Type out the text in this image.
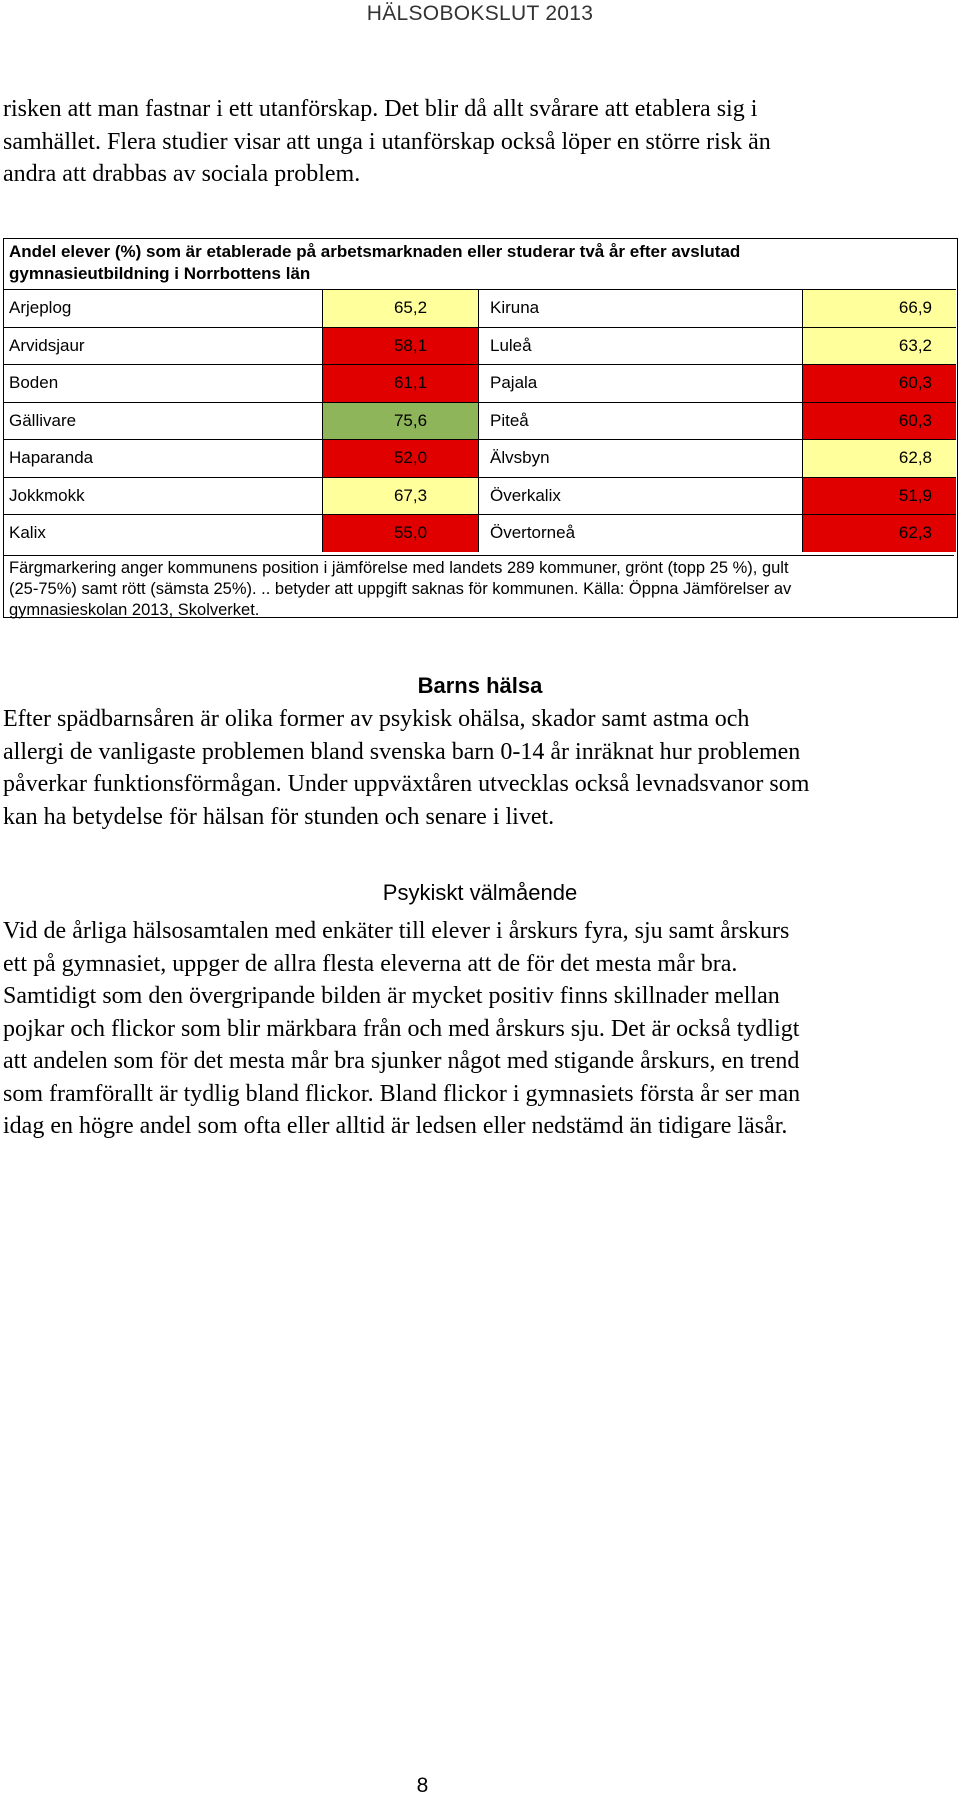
HÄLSOBOKSLUT 2013
risken att man fastnar i ett utanförskap. Det blir då allt svårare att etablera sig i
samhället. Flera studier visar att unga i utanförskap också löper en större risk än
andra att drabbas av sociala problem.
Andel elever (%) som är etablerade på arbetsmarknaden eller studerar två år efter avslutad
gymnasieutbildning i Norrbottens län
Arjeplog	65,2	Kiruna	66,9
Arvidsjaur	58,1	Luleå	63,2
Boden	61,1	Pajala	60,3
Gällivare	75,6	Piteå	60,3
Haparanda	52,0	Älvsbyn	62,8
Jokkmokk	67,3	Överkalix	51,9
Kalix	55,0	Övertorneå	62,3
Färgmarkering anger kommunens position i jämförelse med landets 289 kommuner, grönt (topp 25 %), gult
(25-75%) samt rött (sämsta 25%). .. betyder att uppgift saknas för kommunen. Källa: Öppna Jämförelser av
gymnasieskolan 2013, Skolverket.
Barns hälsa
Efter spädbarnsåren är olika former av psykisk ohälsa, skador samt astma och
allergi de vanligaste problemen bland svenska barn 0-14 år inräknat hur problemen
påverkar funktionsförmågan. Under uppväxtåren utvecklas också levnadsvanor som
kan ha betydelse för hälsan för stunden och senare i livet.
Psykiskt välmående
Vid de årliga hälsosamtalen med enkäter till elever i årskurs fyra, sju samt årskurs
ett på gymnasiet, uppger de allra flesta eleverna att de för det mesta mår bra.
Samtidigt som den övergripande bilden är mycket positiv finns skillnader mellan
pojkar och flickor som blir märkbara från och med årskurs sju. Det är också tydligt
att andelen som för det mesta mår bra sjunker något med stigande årskurs, en trend
som framförallt är tydlig bland flickor. Bland flickor i gymnasiets första år ser man
idag en högre andel som ofta eller alltid är ledsen eller nedstämd än tidigare läsår.
8
